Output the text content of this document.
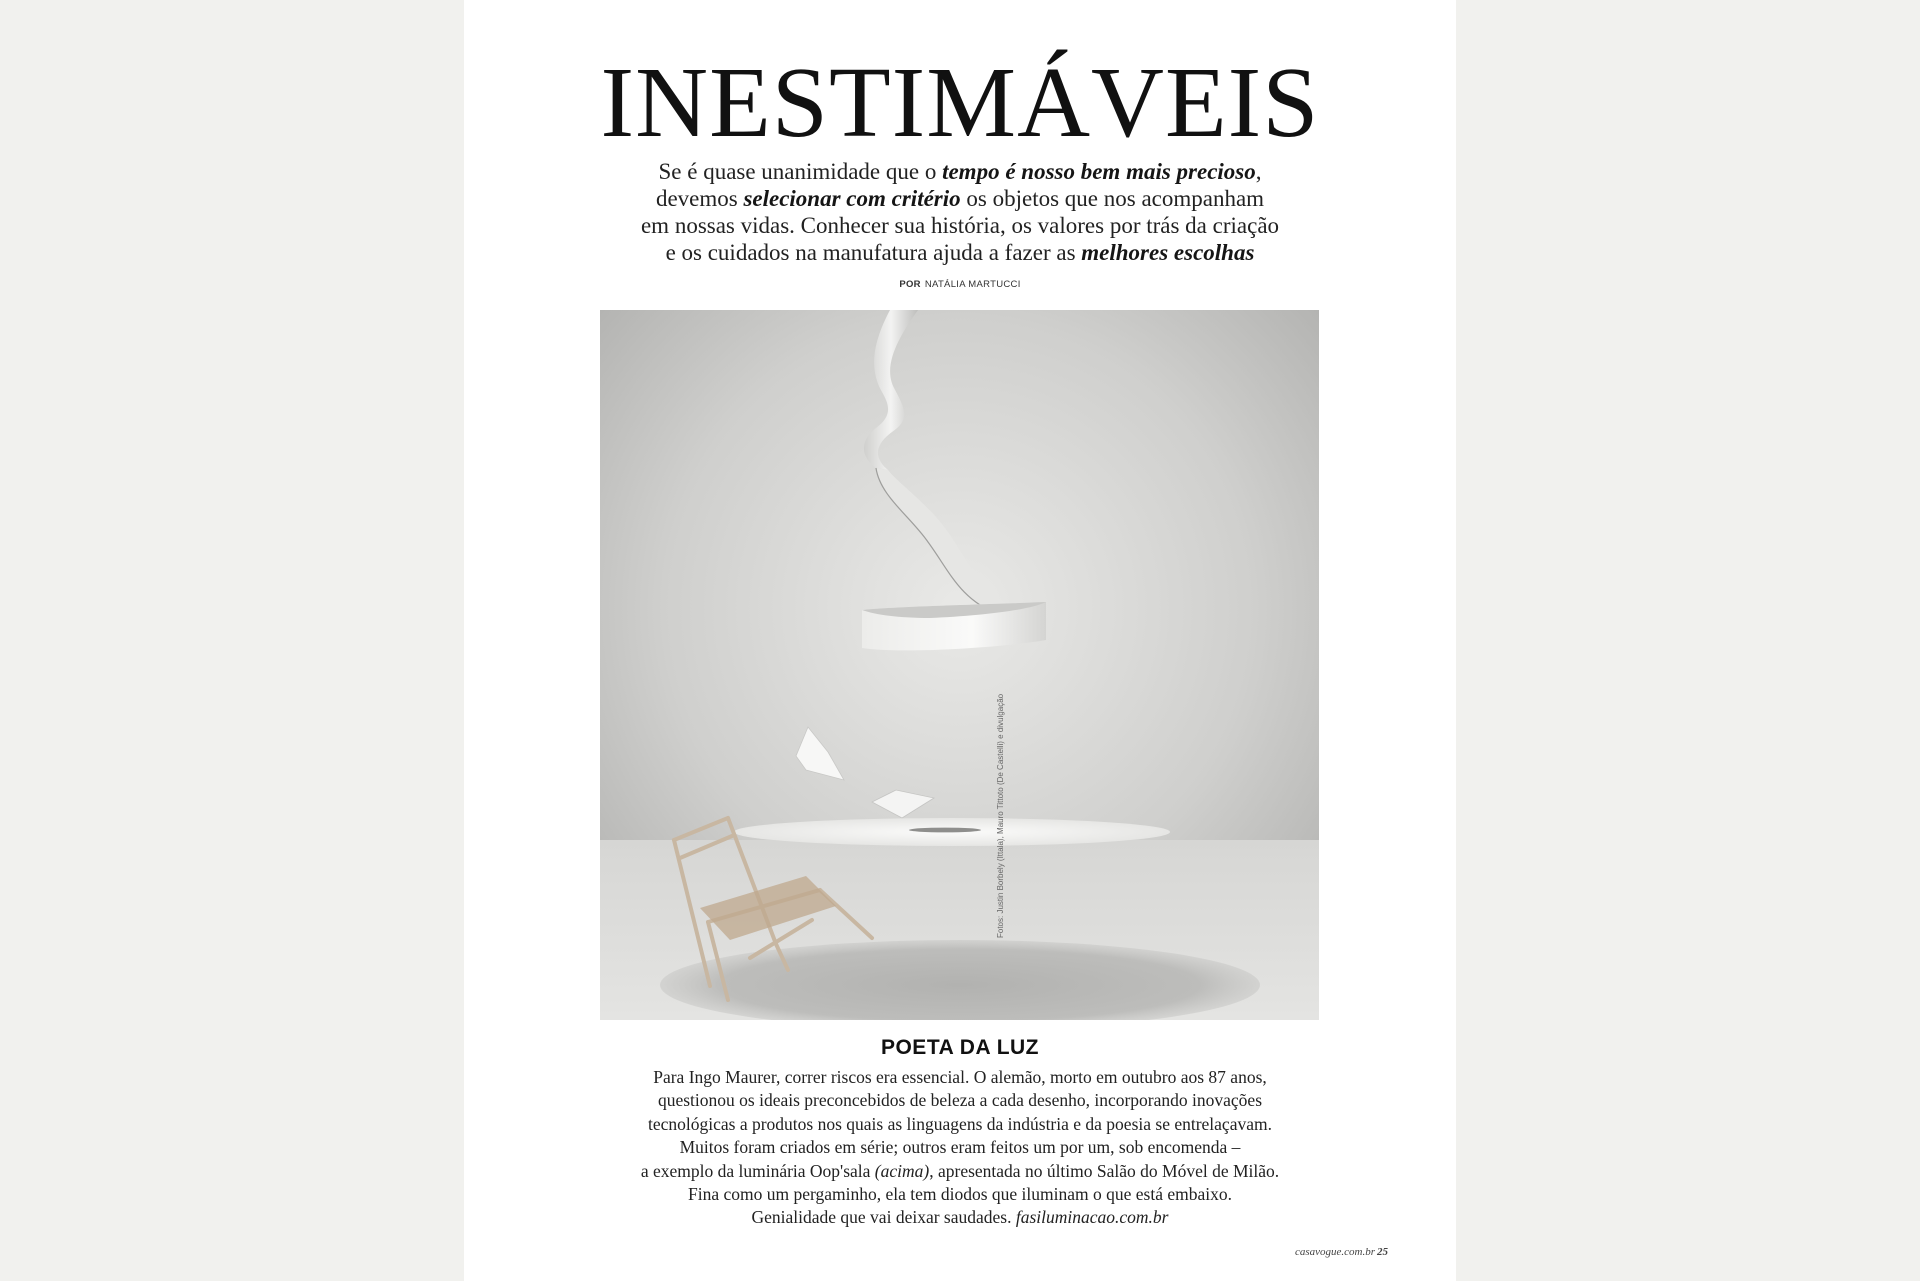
INESTIMÁVEIS
Se é quase unanimidade que o tempo é nosso bem mais precioso,
devemos selecionar com critério os objetos que nos acompanham
em nossas vidas. Conhecer sua história, os valores por trás da criação
e os cuidados na manufatura ajuda a fazer as melhores escolhas
POR NATÁLIA MARTUCCI
Fotos: Justin Borbely (Ittala), Mauro Tittoto (De Castelli) e divulgação
POETA DA LUZ
Para Ingo Maurer, correr riscos era essencial. O alemão, morto em outubro aos 87 anos,
questionou os ideais preconcebidos de beleza a cada desenho, incorporando inovações
tecnológicas a produtos nos quais as linguagens da indústria e da poesia se entrelaçavam.
Muitos foram criados em série; outros eram feitos um por um, sob encomenda –
a exemplo da luminária Oop'sala (acima), apresentada no último Salão do Móvel de Milão.
Fina como um pergaminho, ela tem diodos que iluminam o que está embaixo.
Genialidade que vai deixar saudades. fasiluminacao.com.br
casavogue.com.br 25
